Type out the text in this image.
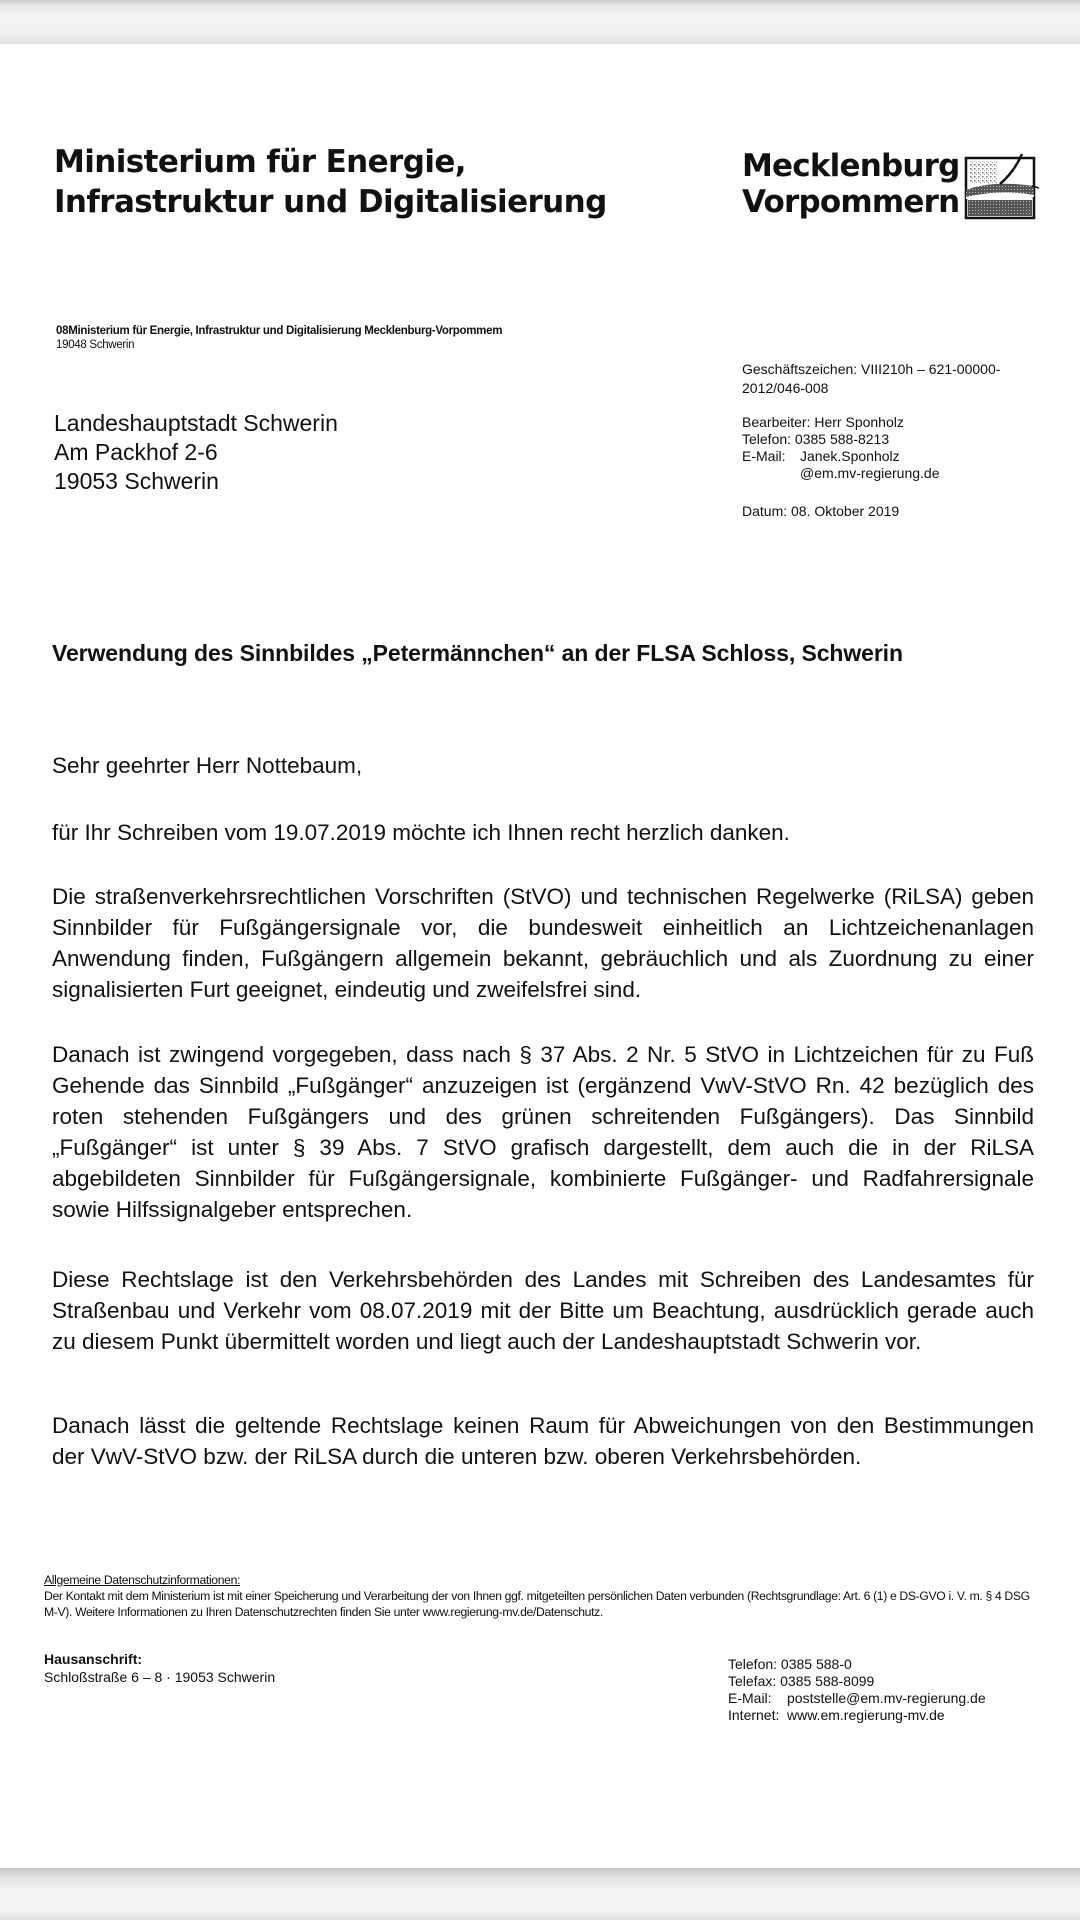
Ministerium für Energie,
Infrastruktur und Digitalisierung
Mecklenburg
Vorpommern
08Ministerium für Energie, Infrastruktur und Digitalisierung Mecklenburg-Vorpommem
19048 Schwerin
Geschäftszeichen: VIII210h – 621-00000-
2012/046-008
Bearbeiter: Herr Sponholz
Telefon: 0385 588-8213
E-Mail:	Janek.Sponholz
@em.mv-regierung.de
Datum: 08. Oktober 2019
Landeshauptstadt Schwerin
Am Packhof 2-6
19053 Schwerin
Verwendung des Sinnbildes „Petermännchen“ an der FLSA Schloss, Schwerin
Sehr geehrter Herr Nottebaum,
für Ihr Schreiben vom 19.07.2019 möchte ich Ihnen recht herzlich danken.
Die straßenverkehrsrechtlichen Vorschriften (StVO) und technischen Regelwerke (RiLSA) geben Sinnbilder für Fußgängersignale vor, die bundesweit einheitlich an Lichtzeichenanlagen Anwendung finden, Fußgängern allgemein bekannt, gebräuchlich und als Zuordnung zu einer signalisierten Furt geeignet, eindeutig und zweifelsfrei sind.
Danach ist zwingend vorgegeben, dass nach § 37 Abs. 2 Nr. 5 StVO in Lichtzeichen für zu Fuß Gehende das Sinnbild „Fußgänger“ anzuzeigen ist (ergänzend VwV-StVO Rn. 42 bezüglich des roten stehenden Fußgängers und des grünen schreitenden Fußgängers). Das Sinnbild „Fußgänger“ ist unter § 39 Abs. 7 StVO grafisch dargestellt, dem auch die in der RiLSA abgebildeten Sinnbilder für Fußgängersignale, kombinierte Fußgänger- und Radfahrersignale sowie Hilfssignalgeber entsprechen.
Diese Rechtslage ist den Verkehrsbehörden des Landes mit Schreiben des Landesamtes für Straßenbau und Verkehr vom 08.07.2019 mit der Bitte um Beachtung, ausdrücklich gerade auch zu diesem Punkt übermittelt worden und liegt auch der Landeshauptstadt Schwerin vor.
Danach lässt die geltende Rechtslage keinen Raum für Abweichungen von den Bestimmungen der VwV-StVO bzw. der RiLSA durch die unteren bzw. oberen Verkehrsbehörden.
Allgemeine Datenschutzinformationen:
Der Kontakt mit dem Ministerium ist mit einer Speicherung und Verarbeitung der von Ihnen ggf. mitgeteilten persönlichen Daten verbunden (Rechtsgrundlage: Art. 6 (1) e DS-GVO i. V. m. § 4 DSG M-V). Weitere Informationen zu Ihren Datenschutzrechten finden Sie unter www.regierung-mv.de/Datenschutz.
Hausanschrift:
Schloßstraße 6 – 8 · 19053 Schwerin
Telefon: 0385 588-0
Telefax: 0385 588-8099
E-Mail:	poststelle@em.mv-regierung.de
Internet: www.em.regierung-mv.de
